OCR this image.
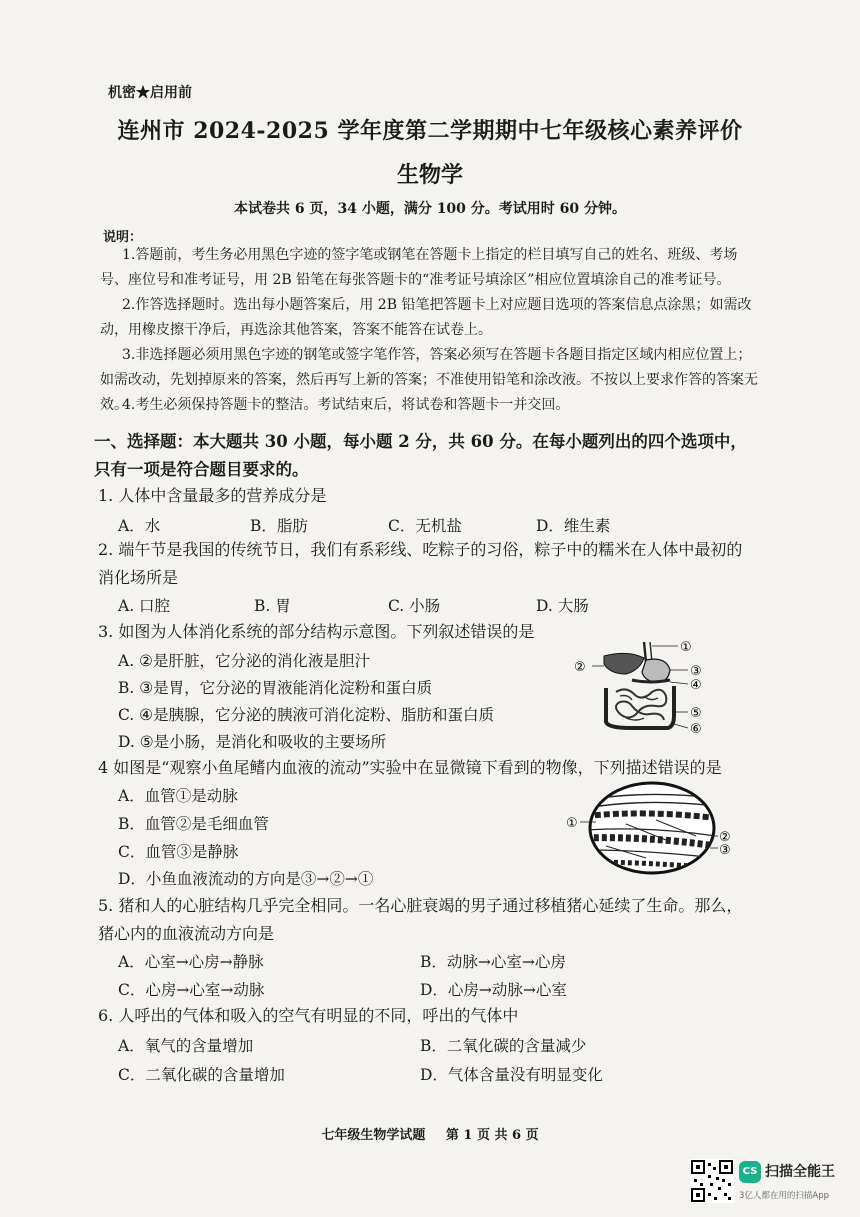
机密★启用前
连州市 2024-2025 学年度第二学期期中七年级核心素养评价
生物学
本试卷共 6 页，34 小题，满分 100 分。考试用时 60 分钟。
说明：
1.答题前，考生务必用黑色字迹的签字笔或钢笔在答题卡上指定的栏目填写自己的姓名、班级、考场号、座位号和准考证号，用 2B 铅笔在每张答题卡的“准考证号填涂区”相应位置填涂自己的准考证号。
2.作答选择题时。选出每小题答案后，用 2B 铅笔把答题卡上对应题目选项的答案信息点涂黑；如需改动，用橡皮擦干净后，再选涂其他答案，答案不能答在试卷上。
3.非选择题必须用黑色字迹的钢笔或签字笔作答，答案必须写在答题卡各题目指定区域内相应位置上；如需改动，先划掉原来的答案，然后再写上新的答案；不准使用铅笔和涂改液。不按以上要求作答的答案无效。
4.考生必须保持答题卡的整洁。考试结束后，将试卷和答题卡一并交回。
一、选择题：本大题共 30 小题，每小题 2 分，共 60 分。在每小题列出的四个选项中，只有一项是符合题目要求的。
1. 人体中含量最多的营养成分是
A．水	B．脂肪	C．无机盐	D．维生素
2. 端午节是我国的传统节日，我们有系彩线、吃粽子的习俗，粽子中的糯米在人体中最初的消化场所是
A. 口腔	B. 胃	C. 小肠	D. 大肠
3. 如图为人体消化系统的部分结构示意图。下列叙述错误的是
A. ②是肝脏，它分泌的消化液是胆汁
B. ③是胃，它分泌的胃液能消化淀粉和蛋白质
C. ④是胰腺，它分泌的胰液可消化淀粉、脂肪和蛋白质
D. ⑤是小肠，是消化和吸收的主要场所
①
②	③
④
⑤
⑥
4 如图是“观察小鱼尾鳍内血液的流动”实验中在显微镜下看到的物像，下列描述错误的是
A．血管①是动脉
B．血管②是毛细血管
C．血管③是静脉
D．小鱼血液流动的方向是③→②→①
①
②
③
5. 猪和人的心脏结构几乎完全相同。一名心脏衰竭的男子通过移植猪心延续了生命。那么，猪心内的血液流动方向是
A．心室→心房→静脉	B．动脉→心室→心房
C．心房→心室→动脉	D．心房→动脉→心室
6. 人呼出的气体和吸入的空气有明显的不同，呼出的气体中
A．氧气的含量增加	B．二氧化碳的含量减少
C．二氧化碳的含量增加	D．气体含量没有明显变化
七年级生物学试题 第 1 页 共 6 页
CS 扫描全能王
3亿人都在用的扫描App
